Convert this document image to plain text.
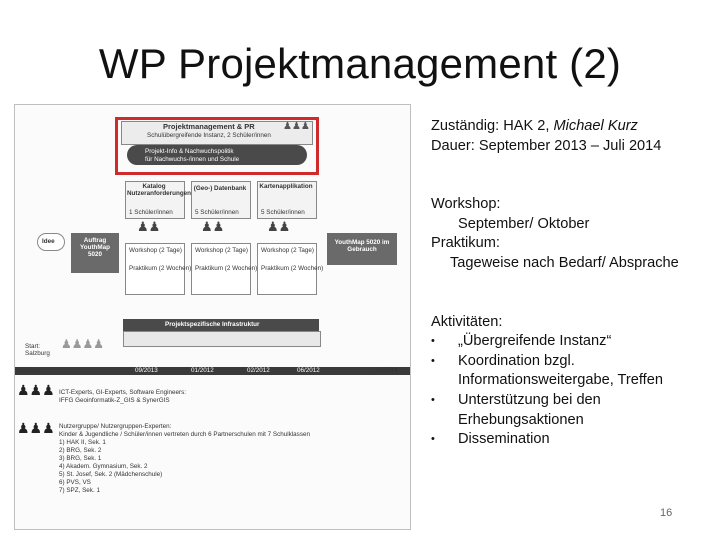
WP Projektmanagement (2)
Projektmanagement & PR
Schulübergreifende Instanz, 2 Schüler/innen
♟♟♟
Projekt-Info & Nachwuchspolitik
für Nachwuchs-/innen und Schule
Katalog Nutzeranforderungen
1 Schüler/innen
(Geo-) Datenbank
5 Schüler/innen
Kartenapplikation
5 Schüler/innen
♟♟	♟♟	♟♟
Workshop (2 Tage)
Praktikum (2 Wochen)
Workshop (2 Tage)
Praktikum (2 Wochen)
Workshop (2 Tage)
Praktikum (2 Wochen)
Idee	Auftrag YouthMap 5020
YouthMap 5020 im Gebrauch
Projektspezifische Infrastruktur
Start: Salzburg
♟♟♟♟
05/2013	09/2013	01/2012	02/2012	06/2012	10/2014
♟♟♟ ICT-Experts, GI-Experts, Software Engineers:
IFFG Geoinformatik-Z_GIS & SynerGIS
♟♟♟ Nutzergruppe/ Nutzergruppen-Experten:
Kinder & Jugendliche / Schüler/innen vertreten durch 6 Partnerschulen mit 7 Schulklassen
1) HAK II, Sek. 1
2) BRG, Sek. 2
3) BRG, Sek. 1
4) Akadem. Gymnasium, Sek. 2
5) St. Josef, Sek. 2 (Mädchenschule)
6) PVS, VS
7) SPZ, Sek. 1

Zuständig: HAK 2, Michael Kurz

Dauer: September 2013 – Juli 2014

Workshop:

September/ Oktober

Praktikum:

Tageweise nach Bedarf/ Absprache

Aktivitäten:

•	„Übergreifende Instanz“
•	Koordination bzgl. Informationsweitergabe, Treffen
•	Unterstützung bei den Erhebungsaktionen
•	Dissemination
16
